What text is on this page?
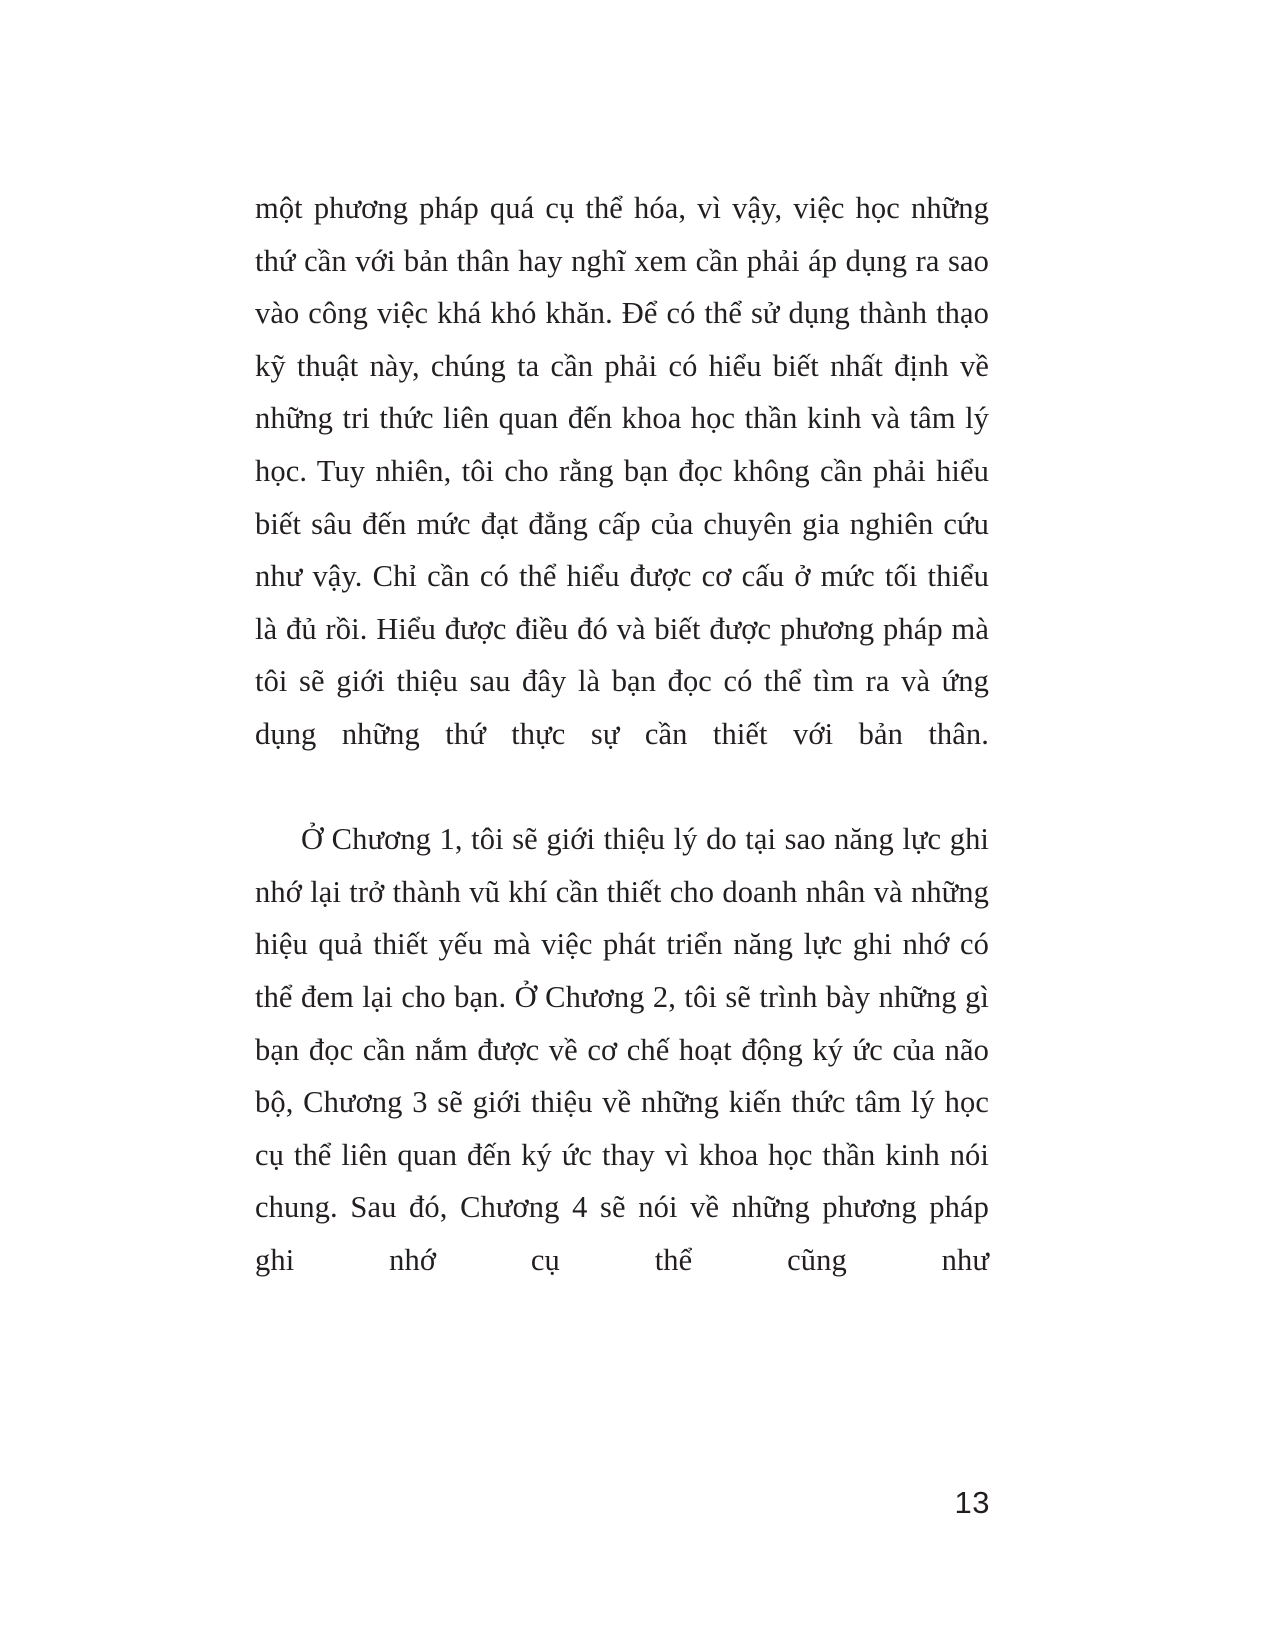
một phương pháp quá cụ thể hóa, vì vậy, việc học những thứ cần với bản thân hay nghĩ xem cần phải áp dụng ra sao vào công việc khá khó khăn. Để có thể sử dụng thành thạo kỹ thuật này, chúng ta cần phải có hiểu biết nhất định về những tri thức liên quan đến khoa học thần kinh và tâm lý học. Tuy nhiên, tôi cho rằng bạn đọc không cần phải hiểu biết sâu đến mức đạt đẳng cấp của chuyên gia nghiên cứu như vậy. Chỉ cần có thể hiểu được cơ cấu ở mức tối thiểu là đủ rồi. Hiểu được điều đó và biết được phương pháp mà tôi sẽ giới thiệu sau đây là bạn đọc có thể tìm ra và ứng dụng những thứ thực sự cần thiết với bản thân.

Ở Chương 1, tôi sẽ giới thiệu lý do tại sao năng lực ghi nhớ lại trở thành vũ khí cần thiết cho doanh nhân và những hiệu quả thiết yếu mà việc phát triển năng lực ghi nhớ có thể đem lại cho bạn. Ở Chương 2, tôi sẽ trình bày những gì bạn đọc cần nắm được về cơ chế hoạt động ký ức của não bộ, Chương 3 sẽ giới thiệu về những kiến thức tâm lý học cụ thể liên quan đến ký ức thay vì khoa học thần kinh nói chung. Sau đó, Chương 4 sẽ nói về những phương pháp ghi nhớ cụ thể cũng như

13
